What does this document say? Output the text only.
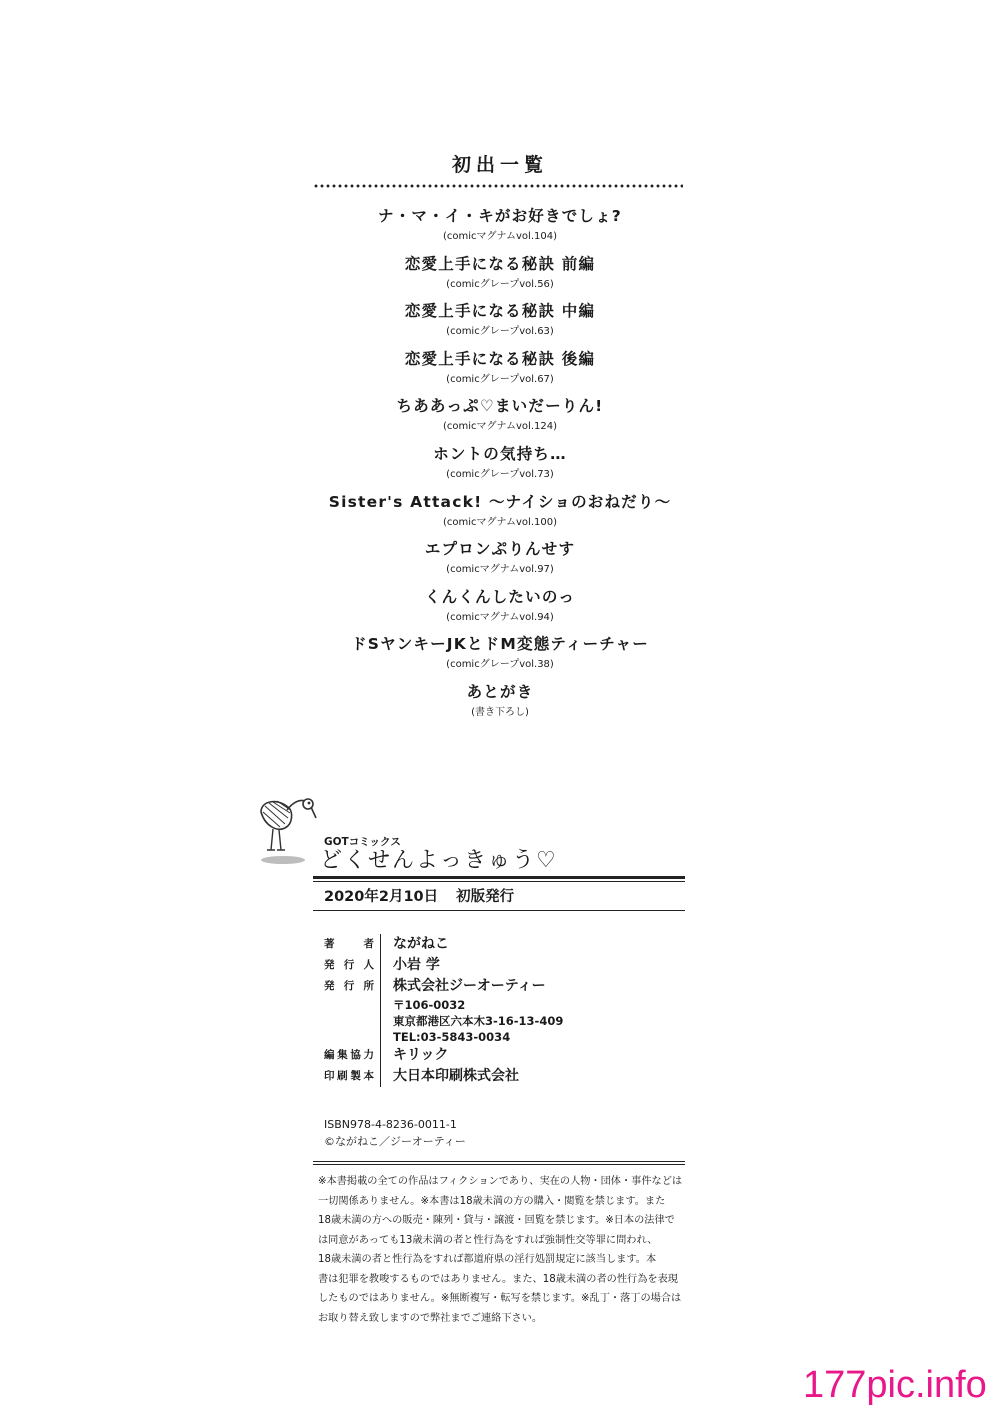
初出一覧
ナ・マ・イ・キがお好きでしょ?
(comicマグナムvol.104)
恋愛上手になる秘訣 前編
(comicグレープvol.56)
恋愛上手になる秘訣 中編
(comicグレープvol.63)
恋愛上手になる秘訣 後編
(comicグレープvol.67)
ちああっぷ♡まいだーりん!
(comicマグナムvol.124)
ホントの気持ち…
(comicグレープvol.73)
Sister's Attack! ～ナイショのおねだり～
(comicマグナムvol.100)
エプロンぷりんせす
(comicマグナムvol.97)
くんくんしたいのっ
(comicマグナムvol.94)
ドSヤンキーJKとドM変態ティーチャー
(comicグレープvol.38)
あとがき
(書き下ろし)
GOTコミックス
どくせんよっきゅう♡
2020年2月10日 初版発行
著 者	ながねこ
発行人	小岩 学
発行所	株式会社ジーオーティー
〒106-0032
東京都港区六本木3-16-13-409
TEL:03-5843-0034
編集協力	キリック
印刷製本	大日本印刷株式会社
ISBN978-4-8236-0011-1
©ながねこ／ジーオーティー
※本書掲載の全ての作品はフィクションであり、実在の人物・団体・事件などは
一切関係ありません。※本書は18歳未満の方の購入・閲覧を禁じます。また
18歳未満の方への販売・陳列・貸与・譲渡・回覧を禁じます。※日本の法律で
は同意があっても13歳未満の者と性行為をすれば強制性交等罪に問われ、
18歳未満の者と性行為をすれば都道府県の淫行処罰規定に該当します。本
書は犯罪を教唆するものではありません。また、18歳未満の者の性行為を表現
したものではありません。※無断複写・転写を禁じます。※乱丁・落丁の場合は
お取り替え致しますので弊社までご連絡下さい。
177pic.info
